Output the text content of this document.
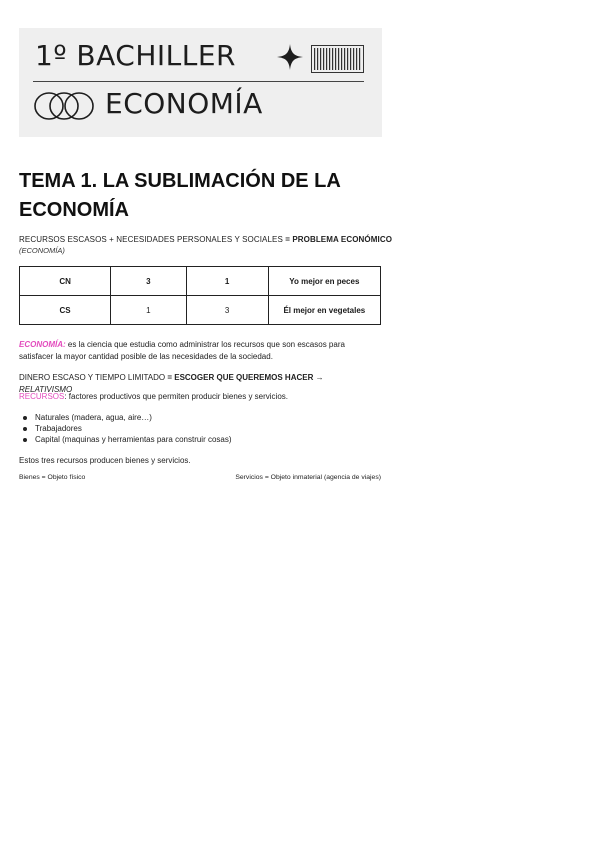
1º BACHILLER
ECONOMÍA
TEMA 1. LA SUBLIMACIÓN DE LA ECONOMÍA
RECURSOS ESCASOS + NECESIDADES PERSONALES Y SOCIALES = PROBLEMA ECONÓMICO
(ECONOMÍA)
CN	3	1	Yo mejor en peces
CS	1	3	Él mejor en vegetales
ECONOMÍA: es la ciencia que estudia como administrar los recursos que son escasos para satisfacer la mayor cantidad posible de las necesidades de la sociedad.
DINERO ESCASO Y TIEMPO LIMITADO = ESCOGER QUE QUEREMOS HACER → RELATIVISMO
RECURSOS: factores productivos que permiten producir bienes y servicios.
Naturales (madera, agua, aire…)
Trabajadores
Capital (maquinas y herramientas para construir cosas)
Estos tres recursos producen bienes y servicios.
Bienes = Objeto físico	Servicios = Objeto inmaterial (agencia de viajes)
